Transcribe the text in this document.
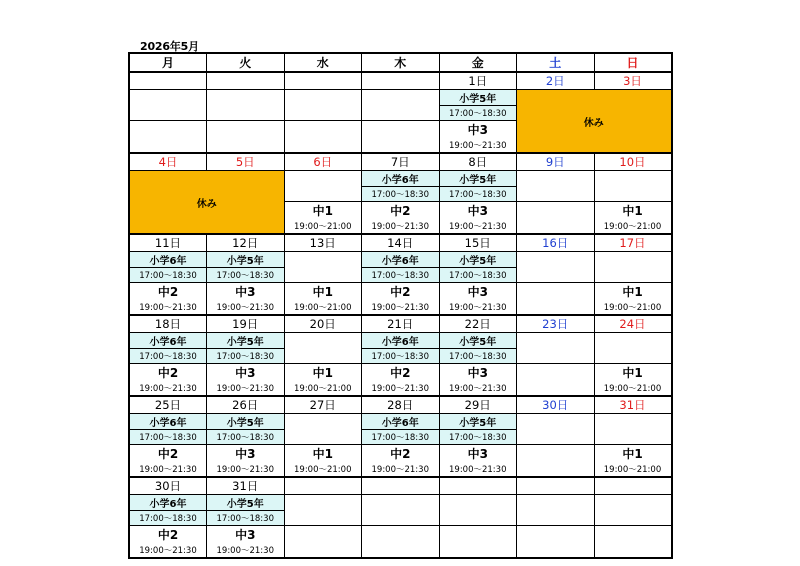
2026年5月
月	火	水	木	金	土	日
				1日	2日	3日
				小学5年	休み	
				17:00～18:30		
				中3		
				19:00～21:30		
4日	5日	6日	7日	8日	9日	10日
休み			小学6年	小学5年		
			17:00～18:30	17:00～18:30		
		中1	中2	中3		中1
		19:00～21:00	19:00～21:30	19:00～21:30		19:00～21:00
11日	12日	13日	14日	15日	16日	17日
小学6年	小学5年		小学6年	小学5年		
17:00～18:30	17:00～18:30		17:00～18:30	17:00～18:30		
中2	中3	中1	中2	中3		中1
19:00～21:30	19:00～21:30	19:00～21:00	19:00～21:30	19:00～21:30		19:00～21:00
18日	19日	20日	21日	22日	23日	24日
小学6年	小学5年		小学6年	小学5年		
17:00～18:30	17:00～18:30		17:00～18:30	17:00～18:30		
中2	中3	中1	中2	中3		中1
19:00～21:30	19:00～21:30	19:00～21:00	19:00～21:30	19:00～21:30		19:00～21:00
25日	26日	27日	28日	29日	30日	31日
小学6年	小学5年		小学6年	小学5年		
17:00～18:30	17:00～18:30		17:00～18:30	17:00～18:30		
中2	中3	中1	中2	中3		中1
19:00～21:30	19:00～21:30	19:00～21:00	19:00～21:30	19:00～21:30		19:00～21:00
30日	31日					
小学6年	小学5年					
17:00～18:30	17:00～18:30					
中2	中3					
19:00～21:30	19:00～21:30					
